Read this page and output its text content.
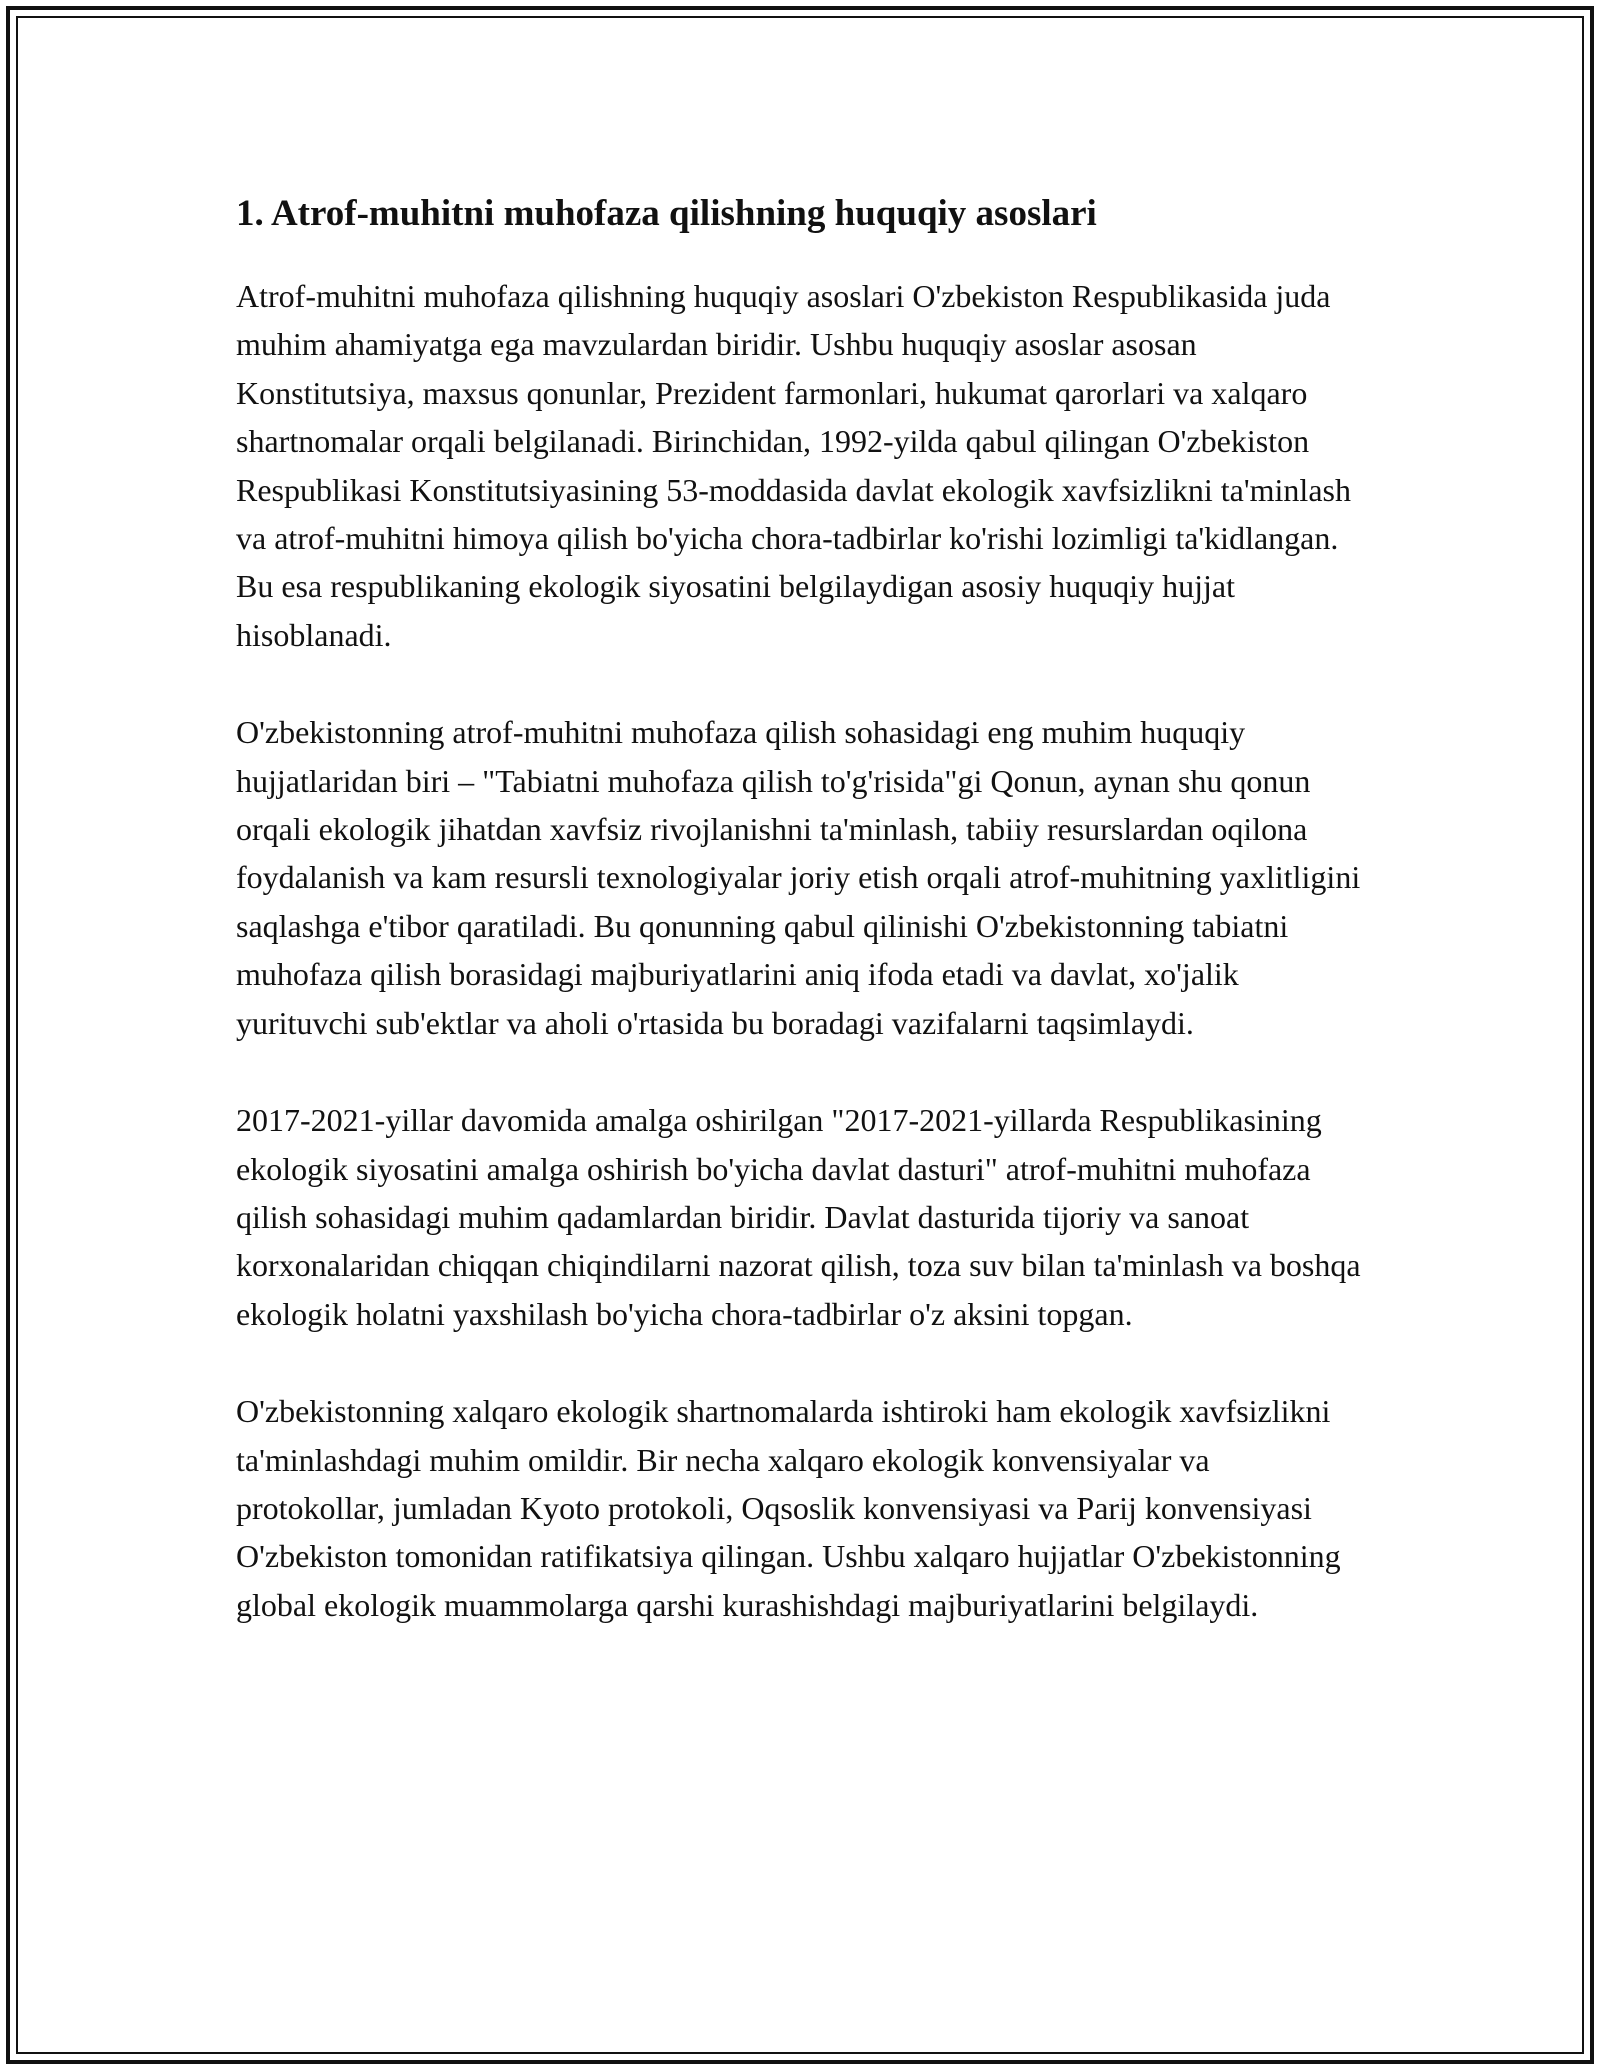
1. Atrof-muhitni muhofaza qilishning huquqiy asoslari

Atrof-muhitni muhofaza qilishning huquqiy asoslari O'zbekiston Respublikasida juda muhim ahamiyatga ega mavzulardan biridir. Ushbu huquqiy asoslar asosan Konstitutsiya, maxsus qonunlar, Prezident farmonlari, hukumat qarorlari va xalqaro shartnomalar orqali belgilanadi. Birinchidan, 1992-yilda qabul qilingan O'zbekiston Respublikasi Konstitutsiyasining 53-moddasida davlat ekologik xavfsizlikni ta'minlash va atrof-muhitni himoya qilish bo'yicha chora-tadbirlar ko'rishi lozimligi ta'kidlangan. Bu esa respublikaning ekologik siyosatini belgilaydigan asosiy huquqiy hujjat hisoblanadi.

O'zbekistonning atrof-muhitni muhofaza qilish sohasidagi eng muhim huquqiy hujjatlaridan biri – "Tabiatni muhofaza qilish to'g'risida"gi Qonun, aynan shu qonun orqali ekologik jihatdan xavfsiz rivojlanishni ta'minlash, tabiiy resurslardan oqilona foydalanish va kam resursli texnologiyalar joriy etish orqali atrof-muhitning yaxlitligini saqlashga e'tibor qaratiladi. Bu qonunning qabul qilinishi O'zbekistonning tabiatni muhofaza qilish borasidagi majburiyatlarini aniq ifoda etadi va davlat, xo'jalik yurituvchi sub'ektlar va aholi o'rtasida bu boradagi vazifalarni taqsimlaydi.

2017-2021-yillar davomida amalga oshirilgan "2017-2021-yillarda Respublikasining ekologik siyosatini amalga oshirish bo'yicha davlat dasturi" atrof-muhitni muhofaza qilish sohasidagi muhim qadamlardan biridir. Davlat dasturida tijoriy va sanoat korxonalaridan chiqqan chiqindilarni nazorat qilish, toza suv bilan ta'minlash va boshqa ekologik holatni yaxshilash bo'yicha chora-tadbirlar o'z aksini topgan.

O'zbekistonning xalqaro ekologik shartnomalarda ishtiroki ham ekologik xavfsizlikni ta'minlashdagi muhim omildir. Bir necha xalqaro ekologik konvensiyalar va protokollar, jumladan Kyoto protokoli, Oqsoslik konvensiyasi va Parij konvensiyasi O'zbekiston tomonidan ratifikatsiya qilingan. Ushbu xalqaro hujjatlar O'zbekistonning global ekologik muammolarga qarshi kurashishdagi majburiyatlarini belgilaydi.
